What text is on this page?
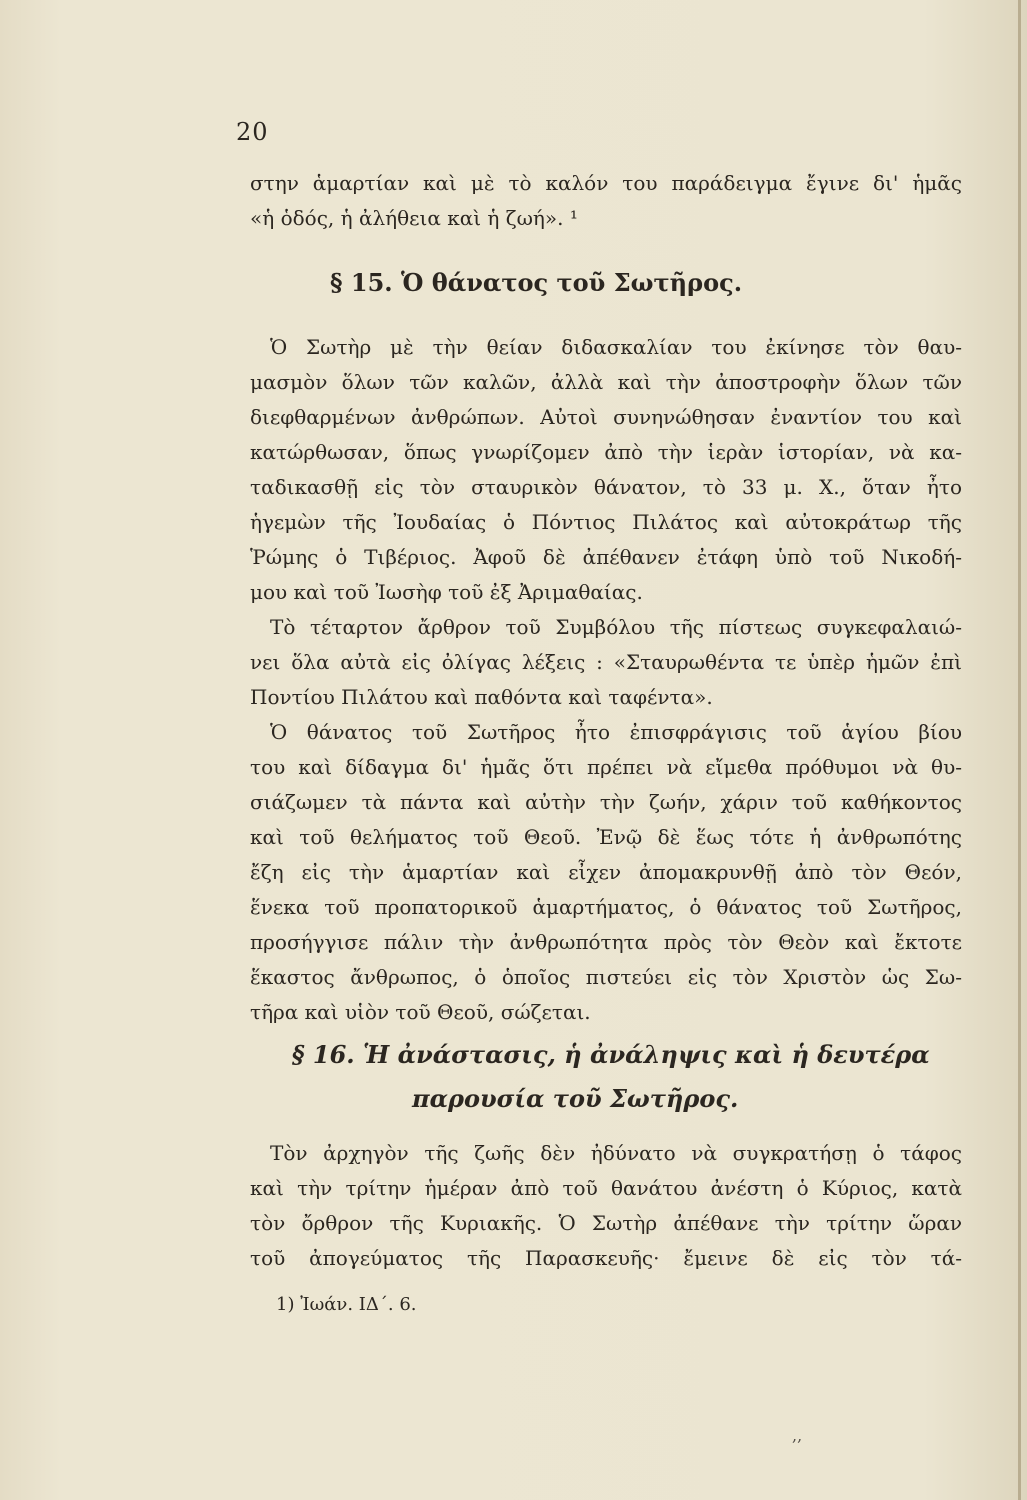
20
στην ἁμαρτίαν καὶ μὲ τὸ καλόν του παράδειγμα ἔγινε δι' ἡμᾶς
«ἡ ὁδός, ἡ ἀλήθεια καὶ ἡ ζωή». ¹
§ 15. Ὁ θάνατος τοῦ Σωτῆρος.
Ὁ Σωτὴρ μὲ τὴν θείαν διδασκαλίαν του ἐκίνησε τὸν θαυ-
μασμὸν ὅλων τῶν καλῶν, ἀλλὰ καὶ τὴν ἀποστροφὴν ὅλων τῶν
διεφθαρμένων ἀνθρώπων. Αὐτοὶ συνηνώθησαν ἐναντίον του καὶ
κατώρθωσαν, ὅπως γνωρίζομεν ἀπὸ τὴν ἱερὰν ἱστορίαν, νὰ κα-
ταδικασθῇ εἰς τὸν σταυρικὸν θάνατον, τὸ 33 μ. Χ., ὅταν ἦτο
ἡγεμὼν τῆς Ἰουδαίας ὁ Πόντιος Πιλάτος καὶ αὐτοκράτωρ τῆς
Ῥώμης ὁ Τιβέριος. Ἀφοῦ δὲ ἀπέθανεν ἐτάφη ὑπὸ τοῦ Νικοδή-
μου καὶ τοῦ Ἰωσὴφ τοῦ ἐξ Ἀριμαθαίας.
Τὸ τέταρτον ἄρθρον τοῦ Συμβόλου τῆς πίστεως συγκεφαλαιώ-
νει ὅλα αὐτὰ εἰς ὀλίγας λέξεις : «Σταυρωθέντα τε ὑπὲρ ἡμῶν ἐπὶ
Ποντίου Πιλάτου καὶ παθόντα καὶ ταφέντα».
Ὁ θάνατος τοῦ Σωτῆρος ἦτο ἐπισφράγισις τοῦ ἁγίου βίου
του καὶ δίδαγμα δι' ἡμᾶς ὅτι πρέπει νὰ εἴμεθα πρόθυμοι νὰ θυ-
σιάζωμεν τὰ πάντα καὶ αὐτὴν τὴν ζωήν, χάριν τοῦ καθήκοντος
καὶ τοῦ θελήματος τοῦ Θεοῦ. Ἐνῷ δὲ ἕως τότε ἡ ἀνθρωπότης
ἔζη εἰς τὴν ἁμαρτίαν καὶ εἶχεν ἀπομακρυνθῇ ἀπὸ τὸν Θεόν,
ἕνεκα τοῦ προπατορικοῦ ἁμαρτήματος, ὁ θάνατος τοῦ Σωτῆρος,
προσήγγισε πάλιν τὴν ἀνθρωπότητα πρὸς τὸν Θεὸν καὶ ἔκτοτε
ἕκαστος ἄνθρωπος, ὁ ὁποῖος πιστεύει εἰς τὸν Χριστὸν ὡς Σω-
τῆρα καὶ υἱὸν τοῦ Θεοῦ, σώζεται.
§ 16. Ἡ ἀνάστασις, ἡ ἀνάληψις καὶ ἡ δευτέρα
παρουσία τοῦ Σωτῆρος.
Τὸν ἀρχηγὸν τῆς ζωῆς δὲν ἠδύνατο νὰ συγκρατήσῃ ὁ τάφος
καὶ τὴν τρίτην ἡμέραν ἀπὸ τοῦ θανάτου ἀνέστη ὁ Κύριος, κατὰ
τὸν ὄρθρον τῆς Κυριακῆς. Ὁ Σωτὴρ ἀπέθανε τὴν τρίτην ὥραν
τοῦ ἀπογεύματος τῆς Παρασκευῆς· ἔμεινε δὲ εἰς τὸν τά-
1) Ἰωάν. ΙΔ΄. 6.
,,
